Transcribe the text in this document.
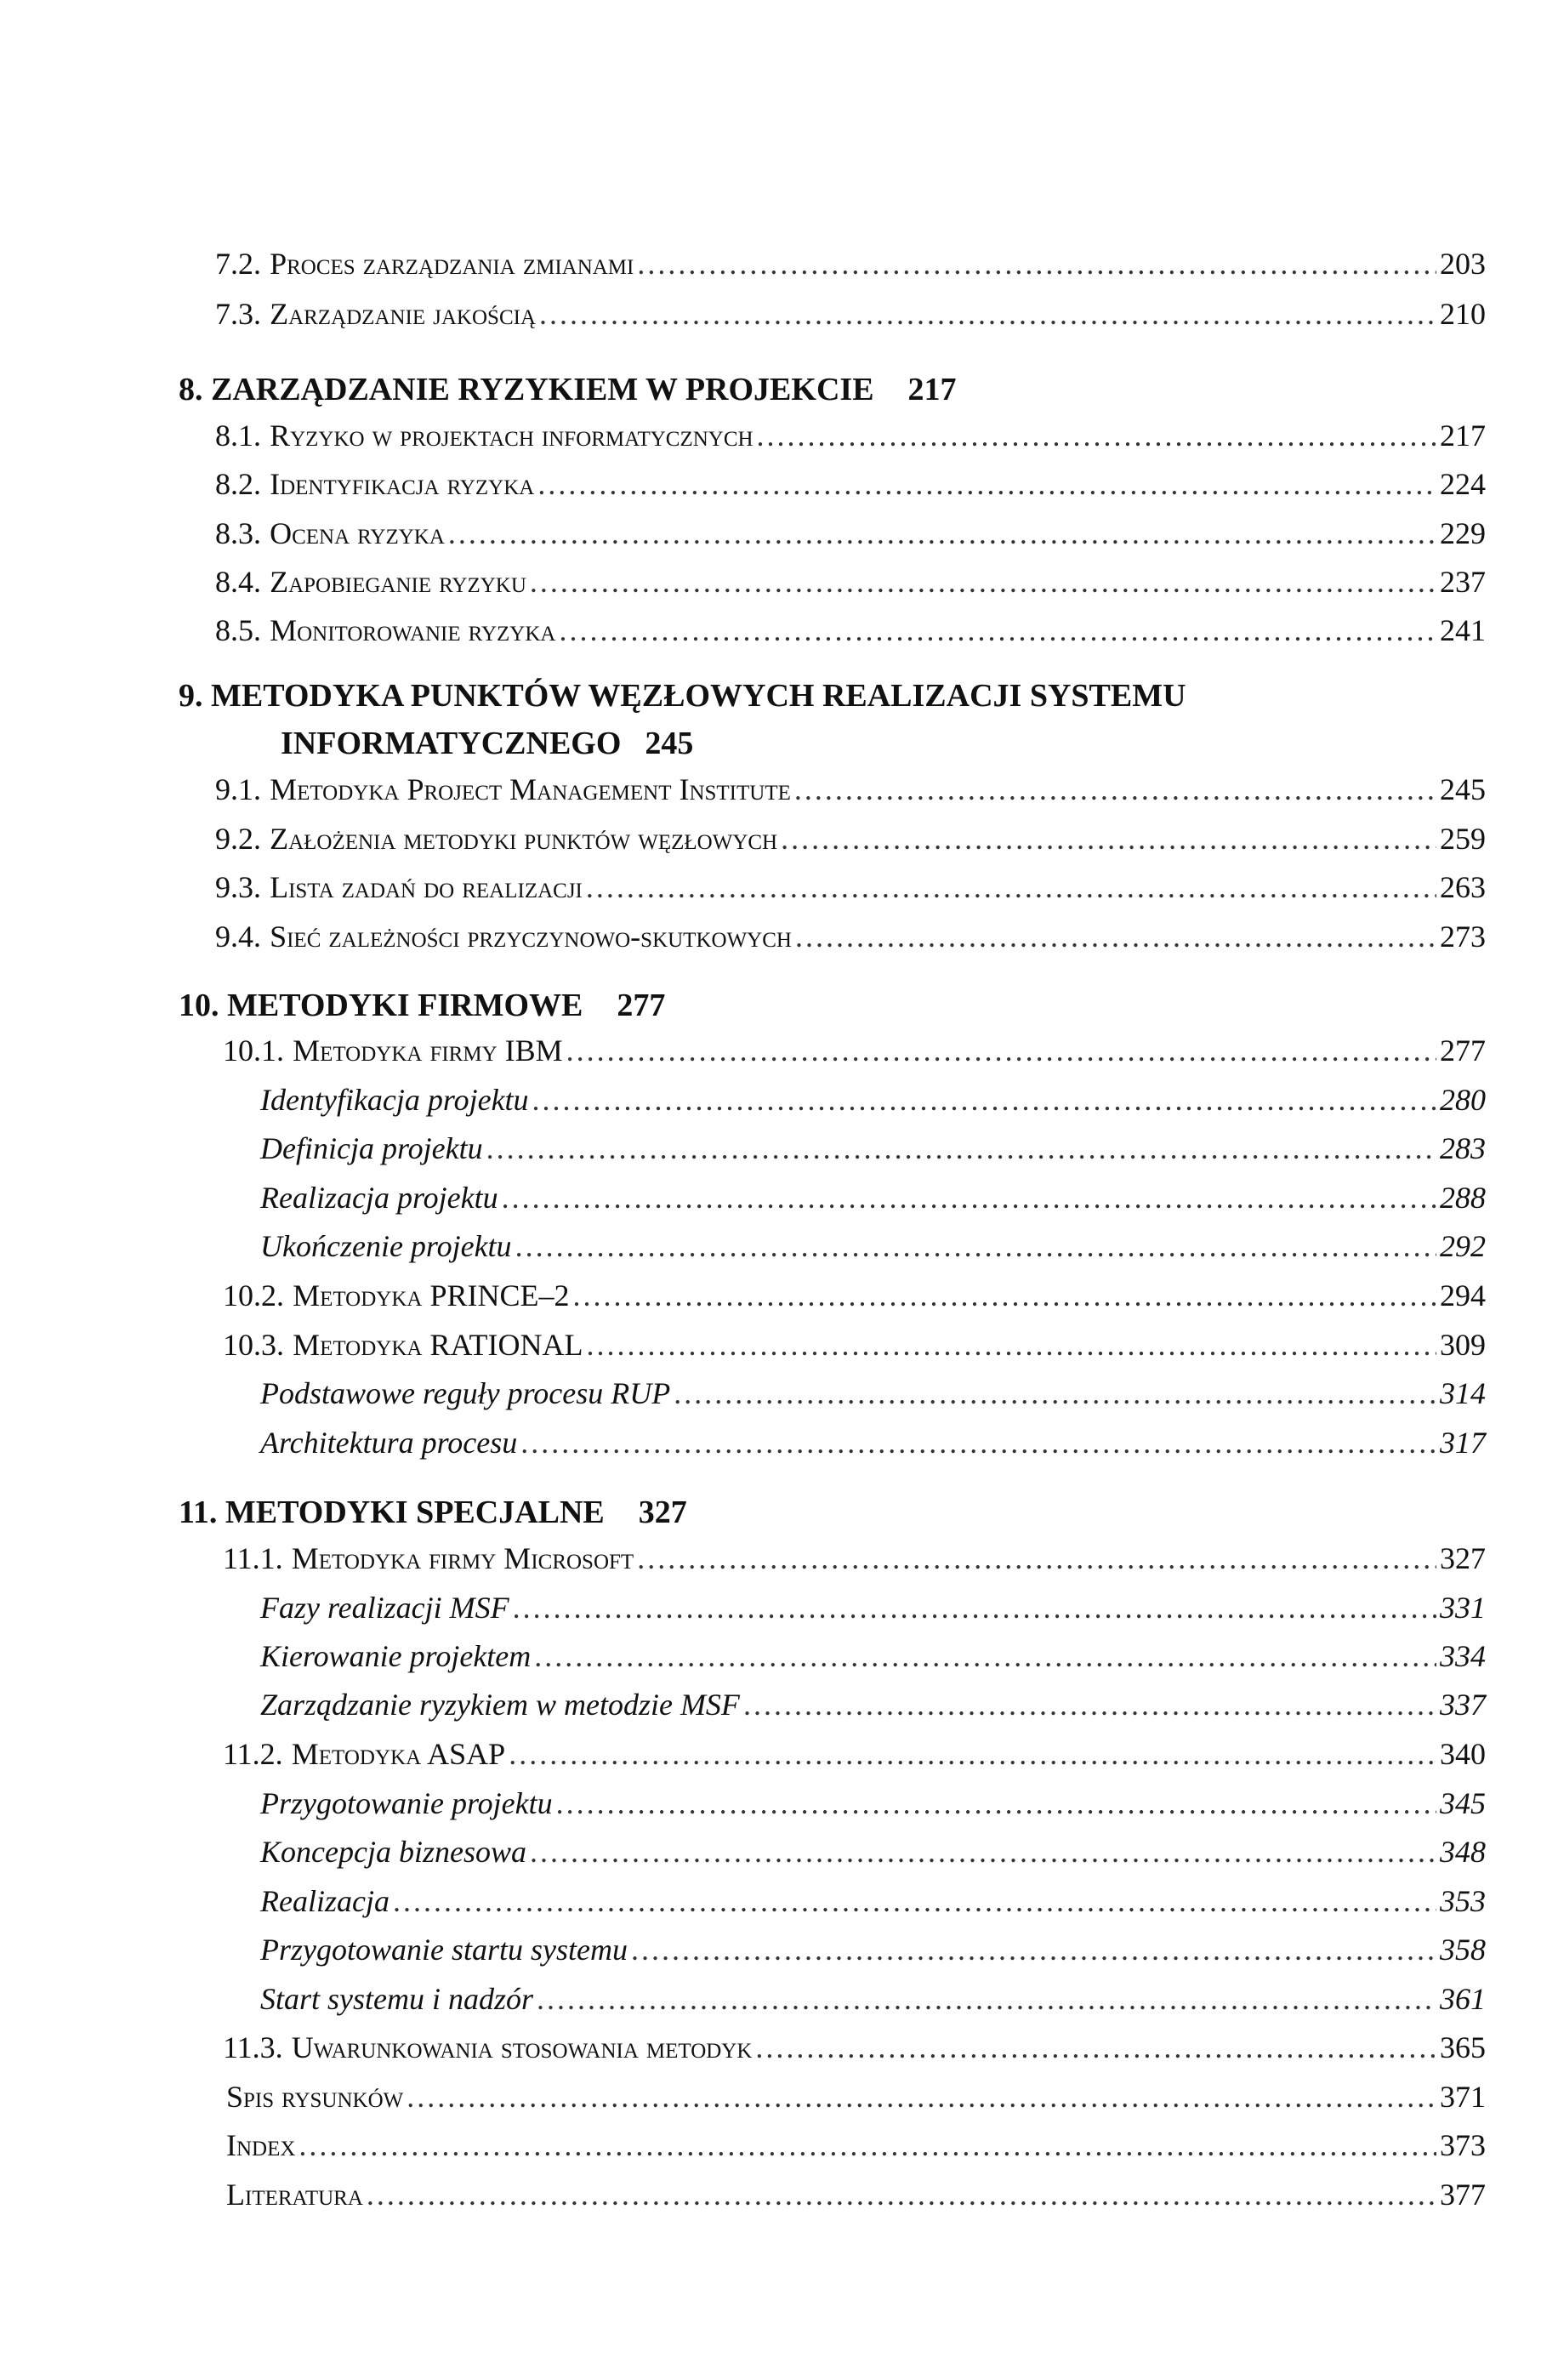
7.2. Proces zarządzania zmianami .....	203
7.3. Zarządzanie jakością .....	210
8. ZARZĄDZANIE RYZYKIEM W PROJEKCIE 217
8.1. Ryzyko w projektach informatycznych .....	217
8.2. Identyfikacja ryzyka .....	224
8.3. Ocena ryzyka .....	229
8.4. Zapobieganie ryzyku .....	237
8.5. Monitorowanie ryzyka .....	241
9. METODYKA PUNKTÓW WĘZŁOWYCH REALIZACJI SYSTEMU
INFORMATYCZNEGO 245
9.1. Metodyka Project Management Institute .....	245
9.2. Założenia metodyki punktów węzłowych .....	259
9.3. Lista zadań do realizacji .....	263
9.4. Sieć zależności przyczynowo-skutkowych .....	273
10. METODYKI FIRMOWE 277
10.1. Metodyka firmy IBM .....	277
Identyfikacja projektu .....	280
Definicja projektu .....	283
Realizacja projektu .....	288
Ukończenie projektu .....	292
10.2. Metodyka PRINCE–2 .....	294
10.3. Metodyka RATIONAL .....	309
Podstawowe reguły procesu RUP .....	314
Architektura procesu .....	317
11. METODYKI SPECJALNE 327
11.1. Metodyka firmy Microsoft .....	327
Fazy realizacji MSF .....	331
Kierowanie projektem .....	334
Zarządzanie ryzykiem w metodzie MSF .....	337
11.2. Metodyka ASAP .....	340
Przygotowanie projektu .....	345
Koncepcja biznesowa .....	348
Realizacja .....	353
Przygotowanie startu systemu .....	358
Start systemu i nadzór .....	361
11.3. Uwarunkowania stosowania metodyk .....	365
Spis rysunków .....	371
Index .....	373
Literatura .....	377
